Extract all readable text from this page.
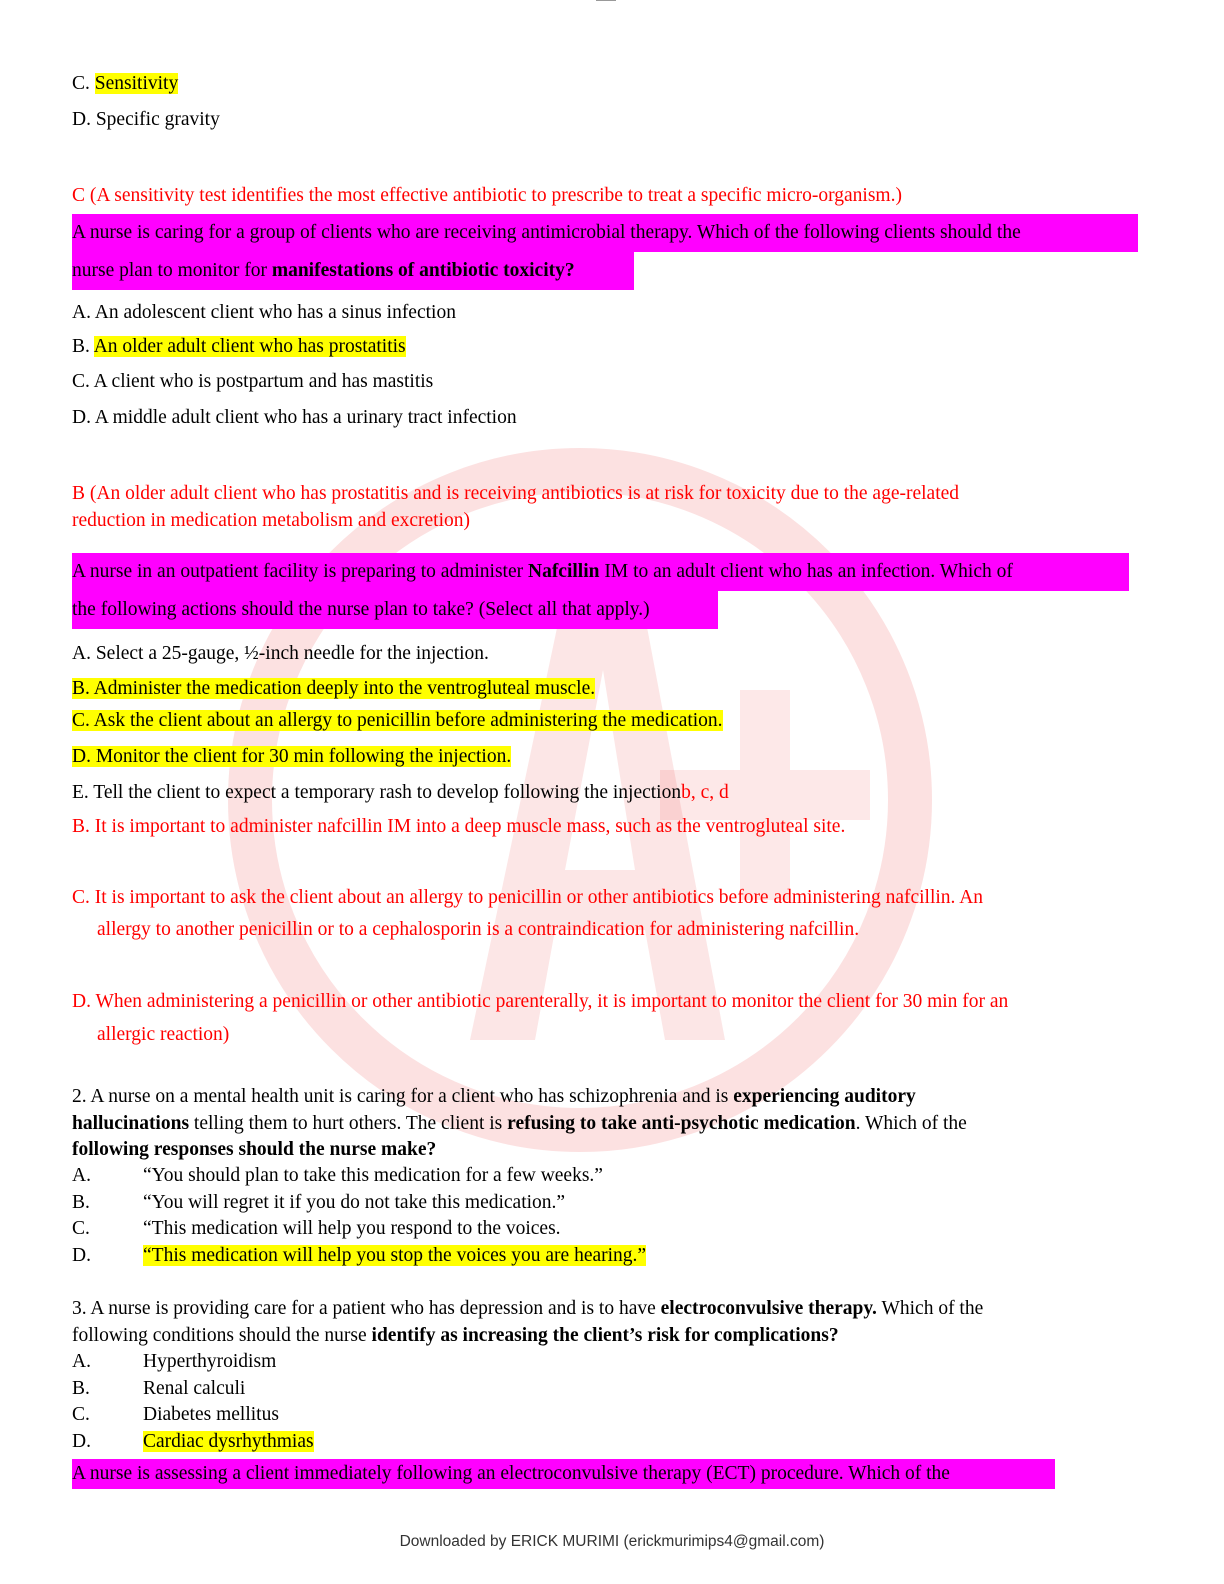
C. Sensitivity
D. Specific gravity
C (A sensitivity test identifies the most effective antibiotic to prescribe to treat a specific micro-organism.)
A nurse is caring for a group of clients who are receiving antimicrobial therapy. Which of the following clients should the
nurse plan to monitor for manifestations of antibiotic toxicity?
A. An adolescent client who has a sinus infection
B. An older adult client who has prostatitis
C. A client who is postpartum and has mastitis
D. A middle adult client who has a urinary tract infection
B (An older adult client who has prostatitis and is receiving antibiotics is at risk for toxicity due to the age-related
reduction in medication metabolism and excretion)
A nurse in an outpatient facility is preparing to administer Nafcillin IM to an adult client who has an infection. Which of
the following actions should the nurse plan to take? (Select all that apply.)
A. Select a 25-gauge, ½-inch needle for the injection.
B. Administer the medication deeply into the ventrogluteal muscle.
C. Ask the client about an allergy to penicillin before administering the medication.
D. Monitor the client for 30 min following the injection.
E. Tell the client to expect a temporary rash to develop following the injectionb, c, d
B. It is important to administer nafcillin IM into a deep muscle mass, such as the ventrogluteal site.
C. It is important to ask the client about an allergy to penicillin or other antibiotics before administering nafcillin. An
allergy to another penicillin or to a cephalosporin is a contraindication for administering nafcillin.
D. When administering a penicillin or other antibiotic parenterally, it is important to monitor the client for 30 min for an
allergic reaction)
2. A nurse on a mental health unit is caring for a client who has schizophrenia and is experiencing auditory
hallucinations telling them to hurt others. The client is refusing to take anti-psychotic medication. Which of the
following responses should the nurse make?
A.	“You should plan to take this medication for a few weeks.”
B.	“You will regret it if you do not take this medication.”
C.	“This medication will help you respond to the voices.
D.	“This medication will help you stop the voices you are hearing.”
3. A nurse is providing care for a patient who has depression and is to have electroconvulsive therapy. Which of the
following conditions should the nurse identify as increasing the client’s risk for complications?
A.	Hyperthyroidism
B.	Renal calculi
C.	Diabetes mellitus
D.	Cardiac dysrhythmias
A nurse is assessing a client immediately following an electroconvulsive therapy (ECT) procedure. Which of the
Downloaded by ERICK MURIMI (erickmurimips4@gmail.com)
